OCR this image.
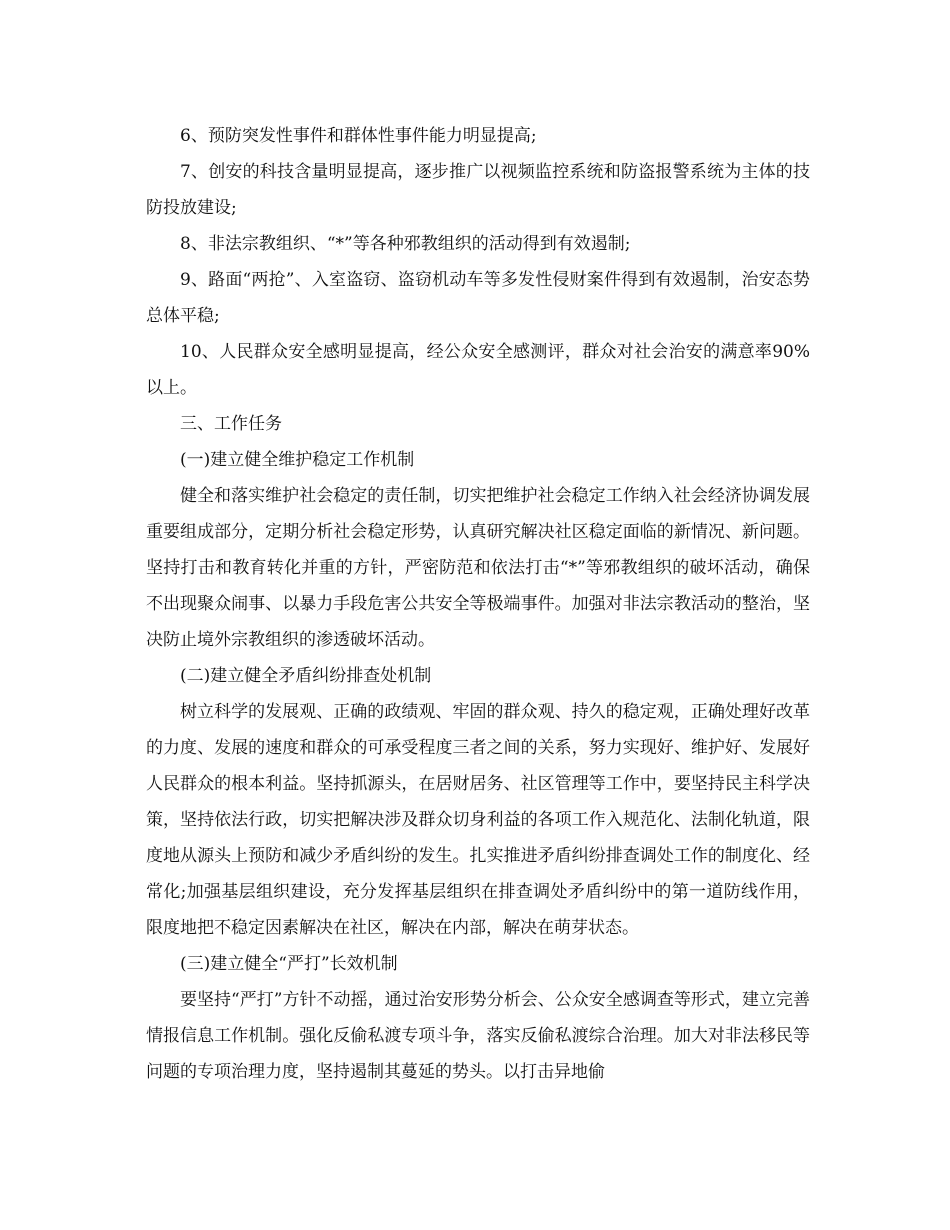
6、预防突发性事件和群体性事件能力明显提高;

7、创安的科技含量明显提高，逐步推广以视频监控系统和防盗报警系统为主体的技防投放建设;

8、非法宗教组织、“*”等各种邪教组织的活动得到有效遏制;

9、路面“两抢”、入室盗窃、盗窃机动车等多发性侵财案件得到有效遏制，治安态势总体平稳;

10、人民群众安全感明显提高，经公众安全感测评，群众对社会治安的满意率90%以上。

三、工作任务

(一)建立健全维护稳定工作机制

健全和落实维护社会稳定的责任制，切实把维护社会稳定工作纳入社会经济协调发展重要组成部分，定期分析社会稳定形势，认真研究解决社区稳定面临的新情况、新问题。坚持打击和教育转化并重的方针，严密防范和依法打击“*”等邪教组织的破坏活动，确保不出现聚众闹事、以暴力手段危害公共安全等极端事件。加强对非法宗教活动的整治，坚决防止境外宗教组织的渗透破坏活动。

(二)建立健全矛盾纠纷排查处机制

树立科学的发展观、正确的政绩观、牢固的群众观、持久的稳定观，正确处理好改革的力度、发展的速度和群众的可承受程度三者之间的关系，努力实现好、维护好、发展好人民群众的根本利益。坚持抓源头，在居财居务、社区管理等工作中，要坚持民主科学决策，坚持依法行政，切实把解决涉及群众切身利益的各项工作入规范化、法制化轨道，限度地从源头上预防和减少矛盾纠纷的发生。扎实推进矛盾纠纷排查调处工作的制度化、经常化;加强基层组织建设，充分发挥基层组织在排查调处矛盾纠纷中的第一道防线作用，限度地把不稳定因素解决在社区，解决在内部，解决在萌芽状态。

(三)建立健全“严打”长效机制

要坚持“严打”方针不动摇，通过治安形势分析会、公众安全感调查等形式，建立完善情报信息工作机制。强化反偷私渡专项斗争，落实反偷私渡综合治理。加大对非法移民等问题的专项治理力度，坚持遏制其蔓延的势头。以打击异地偷
